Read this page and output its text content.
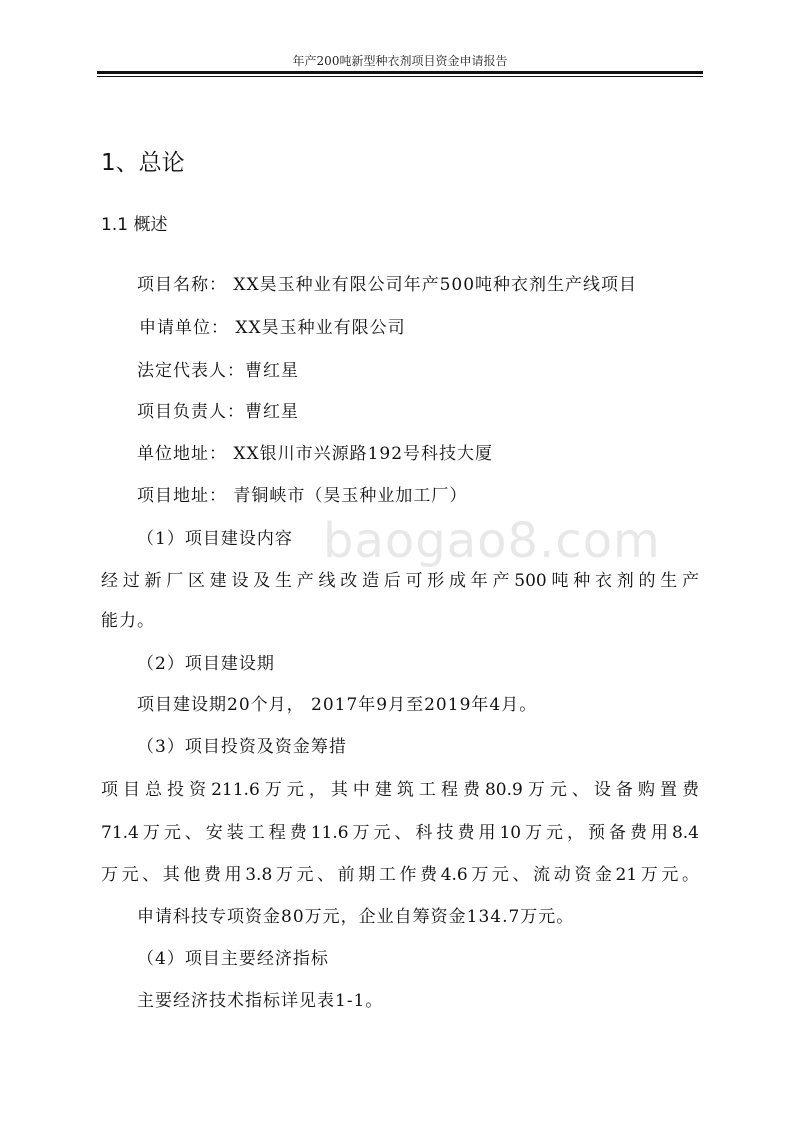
年产200吨新型种衣剂项目资金申请报告
1、总论
1.1 概述
项目名称： XX昊玉种业有限公司年产500吨种衣剂生产线项目
申请单位： XX昊玉种业有限公司
法定代表人：曹红星
项目负责人：曹红星
单位地址： XX银川市兴源路192号科技大厦
项目地址： 青铜峡市（昊玉种业加工厂）
baogao8.com
（1）项目建设内容
经过新厂区建设及生产线改造后可形成年产500吨种衣剂的生产
能力。
（2）项目建设期
项目建设期20个月， 2017年9月至2019年4月。
（3）项目投资及资金筹措
项目总投资211.6万元，其中建筑工程费80.9万元、设备购置费
71.4万元、安装工程费11.6万元、科技费用10万元，预备费用8.4
万元、其他费用3.8万元、前期工作费4.6万元、流动资金21万元。
申请科技专项资金80万元，企业自筹资金134.7万元。
（4）项目主要经济指标
主要经济技术指标详见表1-1。
